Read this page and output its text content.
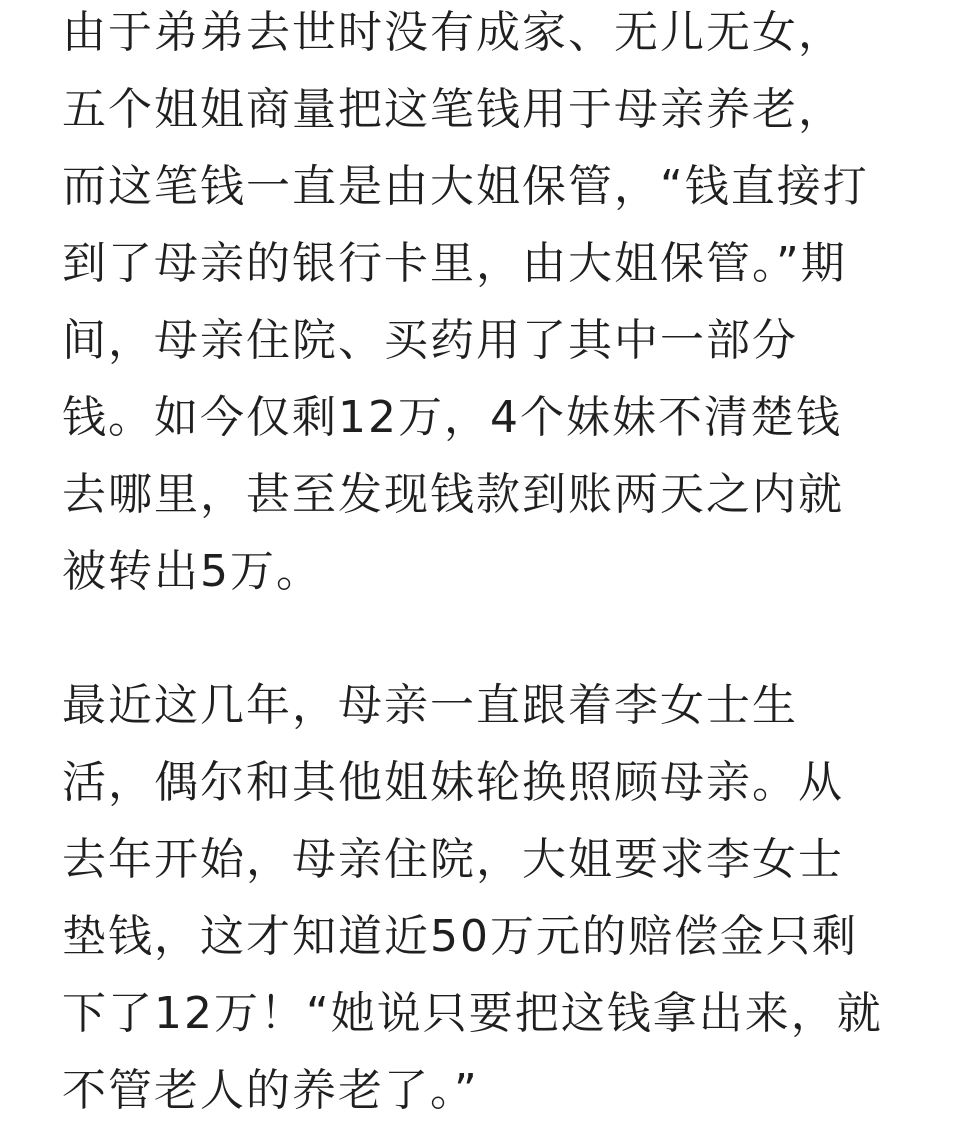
由于弟弟去世时没有成家、无儿无女，
五个姐姐商量把这笔钱用于母亲养老，
而这笔钱一直是由大姐保管，“钱直接打
到了母亲的银行卡里，由大姐保管。”期
间，母亲住院、买药用了其中一部分
钱。如今仅剩12万，4个妹妹不清楚钱
去哪里，甚至发现钱款到账两天之内就
被转出5万。
最近这几年，母亲一直跟着李女士生
活，偶尔和其他姐妹轮换照顾母亲。从
去年开始，母亲住院，大姐要求李女士
垫钱，这才知道近50万元的赔偿金只剩
下了12万！“她说只要把这钱拿出来，就
不管老人的养老了。”
